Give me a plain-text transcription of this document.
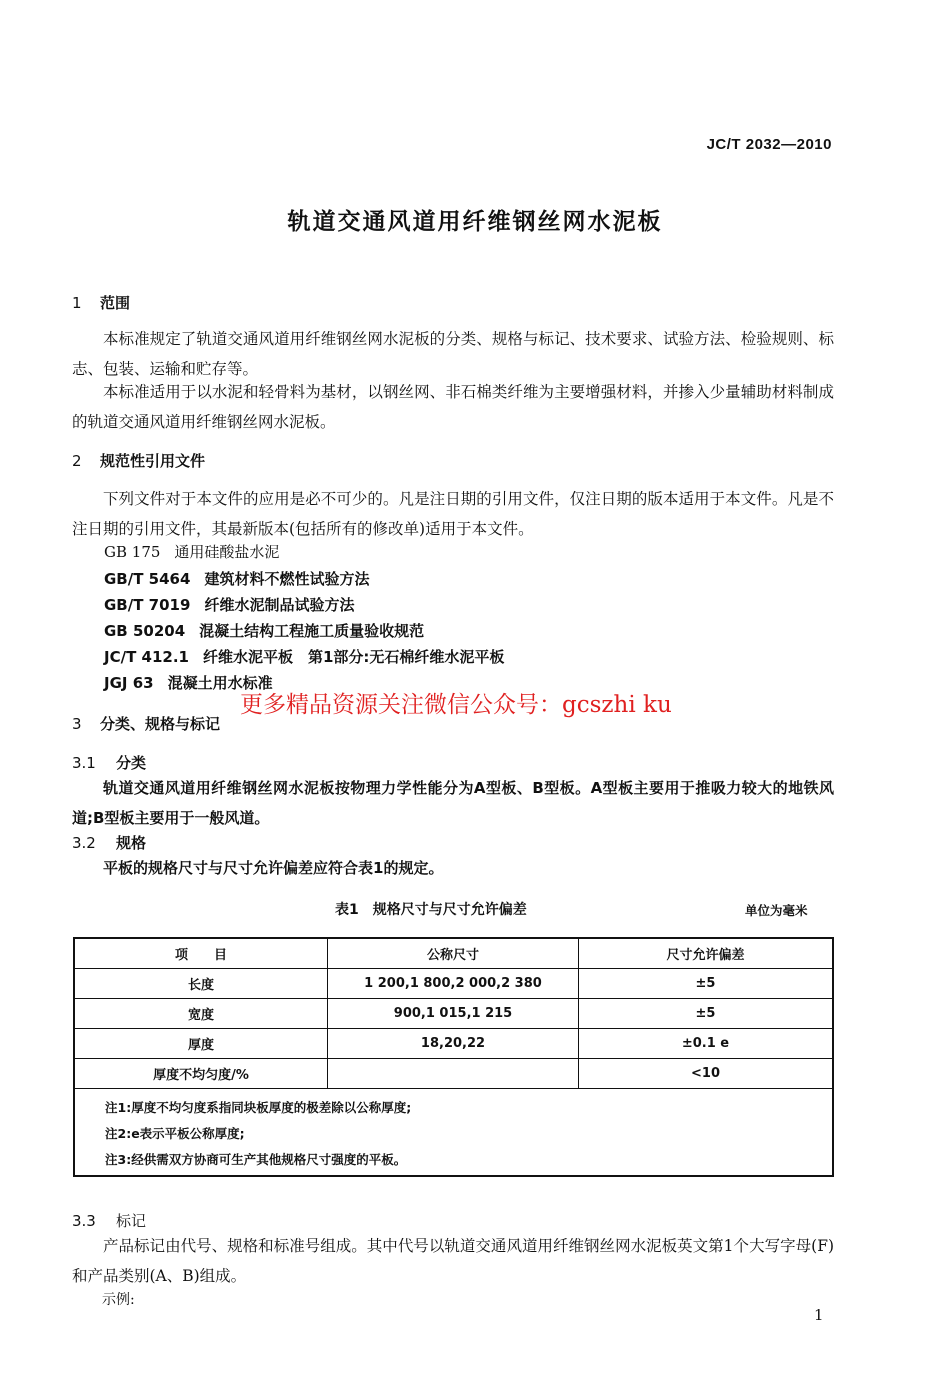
JC/T 2032—2010
轨道交通风道用纤维钢丝网水泥板
1 范围
本标准规定了轨道交通风道用纤维钢丝网水泥板的分类、规格与标记、技术要求、试验方法、检验规则、标志、包装、运输和贮存等。
本标准适用于以水泥和轻骨料为基材，以钢丝网、非石棉类纤维为主要增强材料，并掺入少量辅助材料制成的轨道交通风道用纤维钢丝网水泥板。
2 规范性引用文件
下列文件对于本文件的应用是必不可少的。凡是注日期的引用文件，仅注日期的版本适用于本文件。凡是不注日期的引用文件，其最新版本(包括所有的修改单)适用于本文件。
GB 175 通用硅酸盐水泥
GB/T 5464 建筑材料不燃性试验方法
GB/T 7019 纤维水泥制品试验方法
GB 50204 混凝土结构工程施工质量验收规范
JC/T 412.1 纤维水泥平板　第1部分:无石棉纤维水泥平板
JGJ 63 混凝土用水标准
更多精品资源关注微信公众号：gcszhi ku
3 分类、规格与标记
3.1 分类
轨道交通风道用纤维钢丝网水泥板按物理力学性能分为A型板、B型板。A型板主要用于推吸力较大的地铁风道;B型板主要用于一般风道。
3.2 规格
平板的规格尺寸与尺寸允许偏差应符合表1的规定。
表1　规格尺寸与尺寸允许偏差	单位为毫米
项　　目	公称尺寸	尺寸允许偏差
长度	1 200,1 800,2 000,2 380	±5
宽度	900,1 015,1 215	±5
厚度	18,20,22	±0.1 e
厚度不均匀度/%		<10
注1:厚度不均匀度系指同块板厚度的极差除以公称厚度;
注2:e表示平板公称厚度;
注3:经供需双方协商可生产其他规格尺寸强度的平板。
3.3 标记
产品标记由代号、规格和标准号组成。其中代号以轨道交通风道用纤维钢丝网水泥板英文第1个大写字母(F)和产品类别(A、B)组成。
示例:
1
